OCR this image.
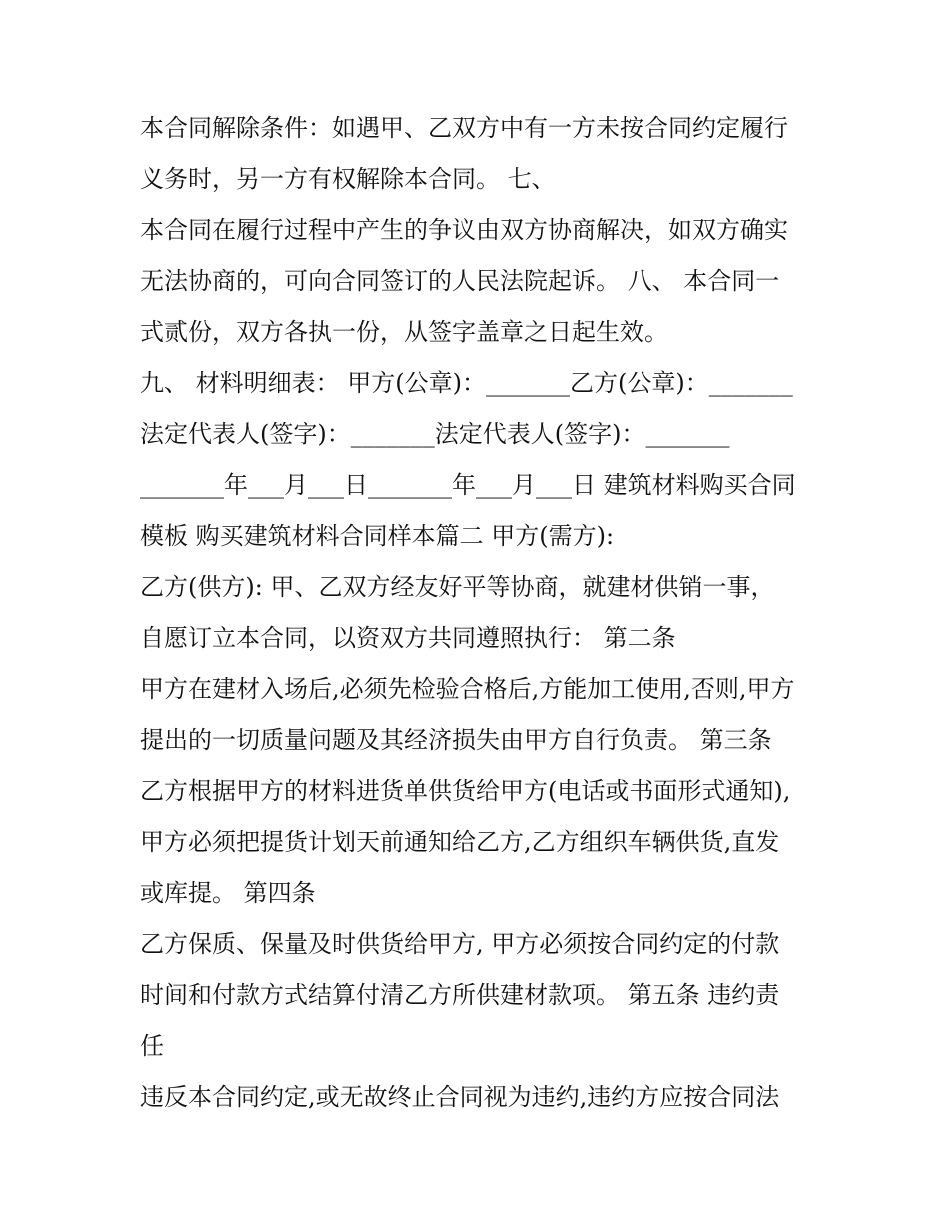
本合同解除条件：如遇甲、乙双方中有一方未按合同约定履行
义务时，另一方有权解除本合同。 七、
本合同在履行过程中产生的争议由双方协商解决，如双方确实
无法协商的，可向合同签订的人民法院起诉。 八、 本合同一
式贰份，双方各执一份，从签字盖章之日起生效。
九、 材料明细表： 甲方(公章)：_______乙方(公章)：_______
法定代表人(签字)：_______法定代表人(签字)：_______
_______年___月___日_______年___月___日 建筑材料购买合同
模板 购买建筑材料合同样本篇二 甲方(需方):
乙方(供方): 甲、乙双方经友好平等协商，就建材供销一事，
自愿订立本合同，以资双方共同遵照执行： 第二条
甲方在建材入场后,必须先检验合格后,方能加工使用,否则,甲方
提出的一切质量问题及其经济损失由甲方自行负责。 第三条
乙方根据甲方的材料进货单供货给甲方(电话或书面形式通知),
甲方必须把提货计划天前通知给乙方,乙方组织车辆供货,直发
或库提。 第四条
乙方保质、保量及时供货给甲方, 甲方必须按合同约定的付款
时间和付款方式结算付清乙方所供建材款项。 第五条 违约责
任
违反本合同约定,或无故终止合同视为违约,违约方应按合同法
